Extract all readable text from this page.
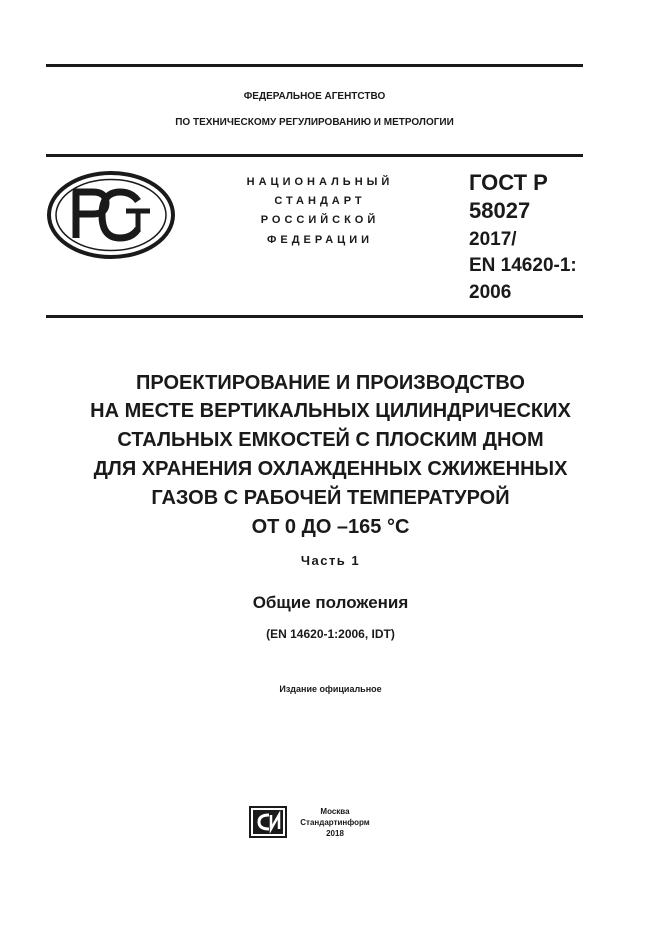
ФЕДЕРАЛЬНОЕ АГЕНТСТВО
ПО ТЕХНИЧЕСКОМУ РЕГУЛИРОВАНИЮ И МЕТРОЛОГИИ
НАЦИОНАЛЬНЫЙ
СТАНДАРТ
РОССИЙСКОЙ
ФЕДЕРАЦИИ
ГОСТ Р
58027
2017/
EN 14620-1:
2006
ПРОЕКТИРОВАНИЕ И ПРОИЗВОДСТВО
НА МЕСТЕ ВЕРТИКАЛЬНЫХ ЦИЛИНДРИЧЕСКИХ
СТАЛЬНЫХ ЕМКОСТЕЙ С ПЛОСКИМ ДНОМ
ДЛЯ ХРАНЕНИЯ ОХЛАЖДЕННЫХ СЖИЖЕННЫХ
ГАЗОВ С РАБОЧЕЙ ТЕМПЕРАТУРОЙ
ОТ 0 ДО –165 °С
Часть 1
Общие положения
(EN 14620-1:2006, IDT)
Издание официальное
Москва
Стандартинформ
2018
